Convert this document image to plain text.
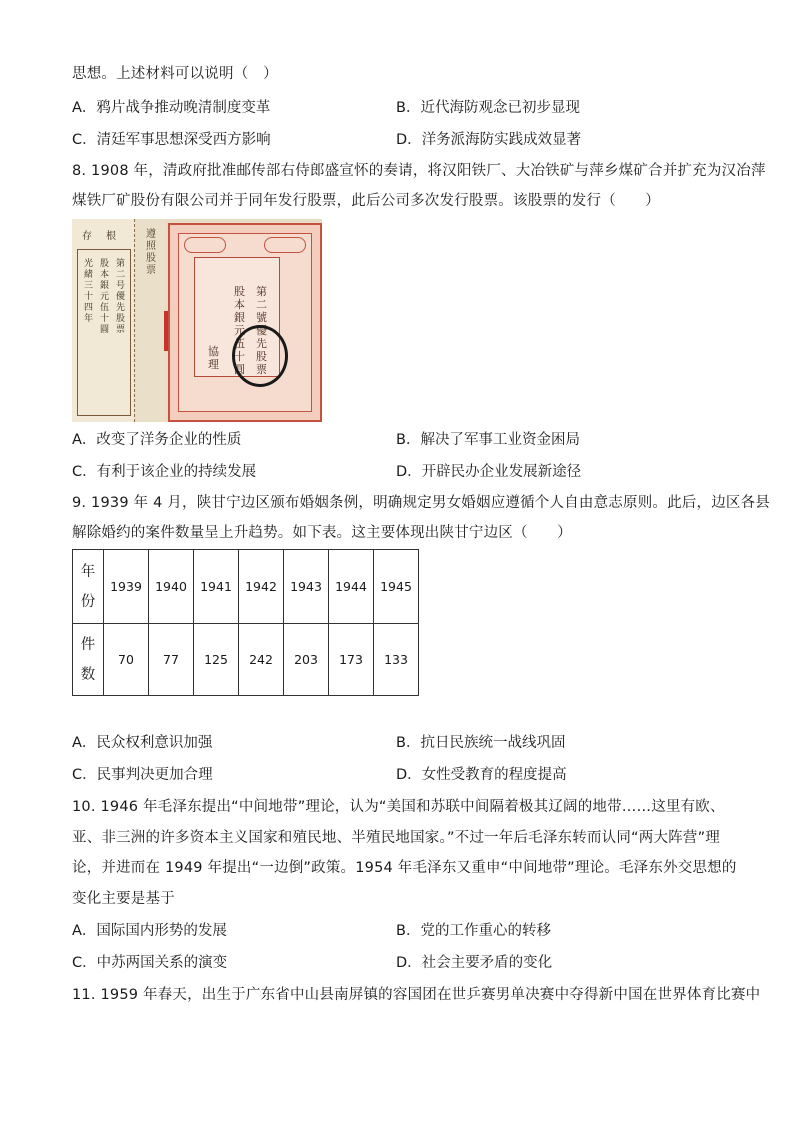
思想。上述材料可以说明（　）
A．鸦片战争推动晚清制度变革	B．近代海防观念已初步显现
C．清廷军事思想深受西方影响	D．洋务派海防实践成效显著
8. 1908 年，清政府批准邮传部右侍郎盛宣怀的奏请，将汉阳铁厂、大冶铁矿与萍乡煤矿合并扩充为汉冶萍
煤铁厂矿股份有限公司并于同年发行股票，此后公司多次发行股票。该股票的发行（　　）
存根
第二号優先股票
股本銀元伍十圓
光緒三十四年
遵照股票
第二號優先股票
股本銀元伍十圓
協理
A．改变了洋务企业的性质	B．解决了军事工业资金困局
C．有利于该企业的持续发展	D．开辟民办企业发展新途径
9. 1939 年 4 月，陕甘宁边区颁布婚姻条例，明确规定男女婚姻应遵循个人自由意志原则。此后，边区各县
解除婚约的案件数量呈上升趋势。如下表。这主要体现出陕甘宁边区（　　）
年份	1939	1940	1941	1942	1943	1944	1945

件数	70	77	125	242	203	173	133
A．民众权利意识加强	B．抗日民族统一战线巩固
C．民事判决更加合理	D．女性受教育的程度提高
10. 1946 年毛泽东提出“中间地带”理论，认为“美国和苏联中间隔着极其辽阔的地带……这里有欧、
亚、非三洲的许多资本主义国家和殖民地、半殖民地国家。”不过一年后毛泽东转而认同“两大阵营”理
论，并进而在 1949 年提出“一边倒”政策。1954 年毛泽东又重申“中间地带”理论。毛泽东外交思想的
变化主要是基于
A．国际国内形势的发展	B．党的工作重心的转移
C．中苏两国关系的演变	D．社会主要矛盾的变化
11. 1959 年春天，出生于广东省中山县南屏镇的容国团在世乒赛男单决赛中夺得新中国在世界体育比赛中
